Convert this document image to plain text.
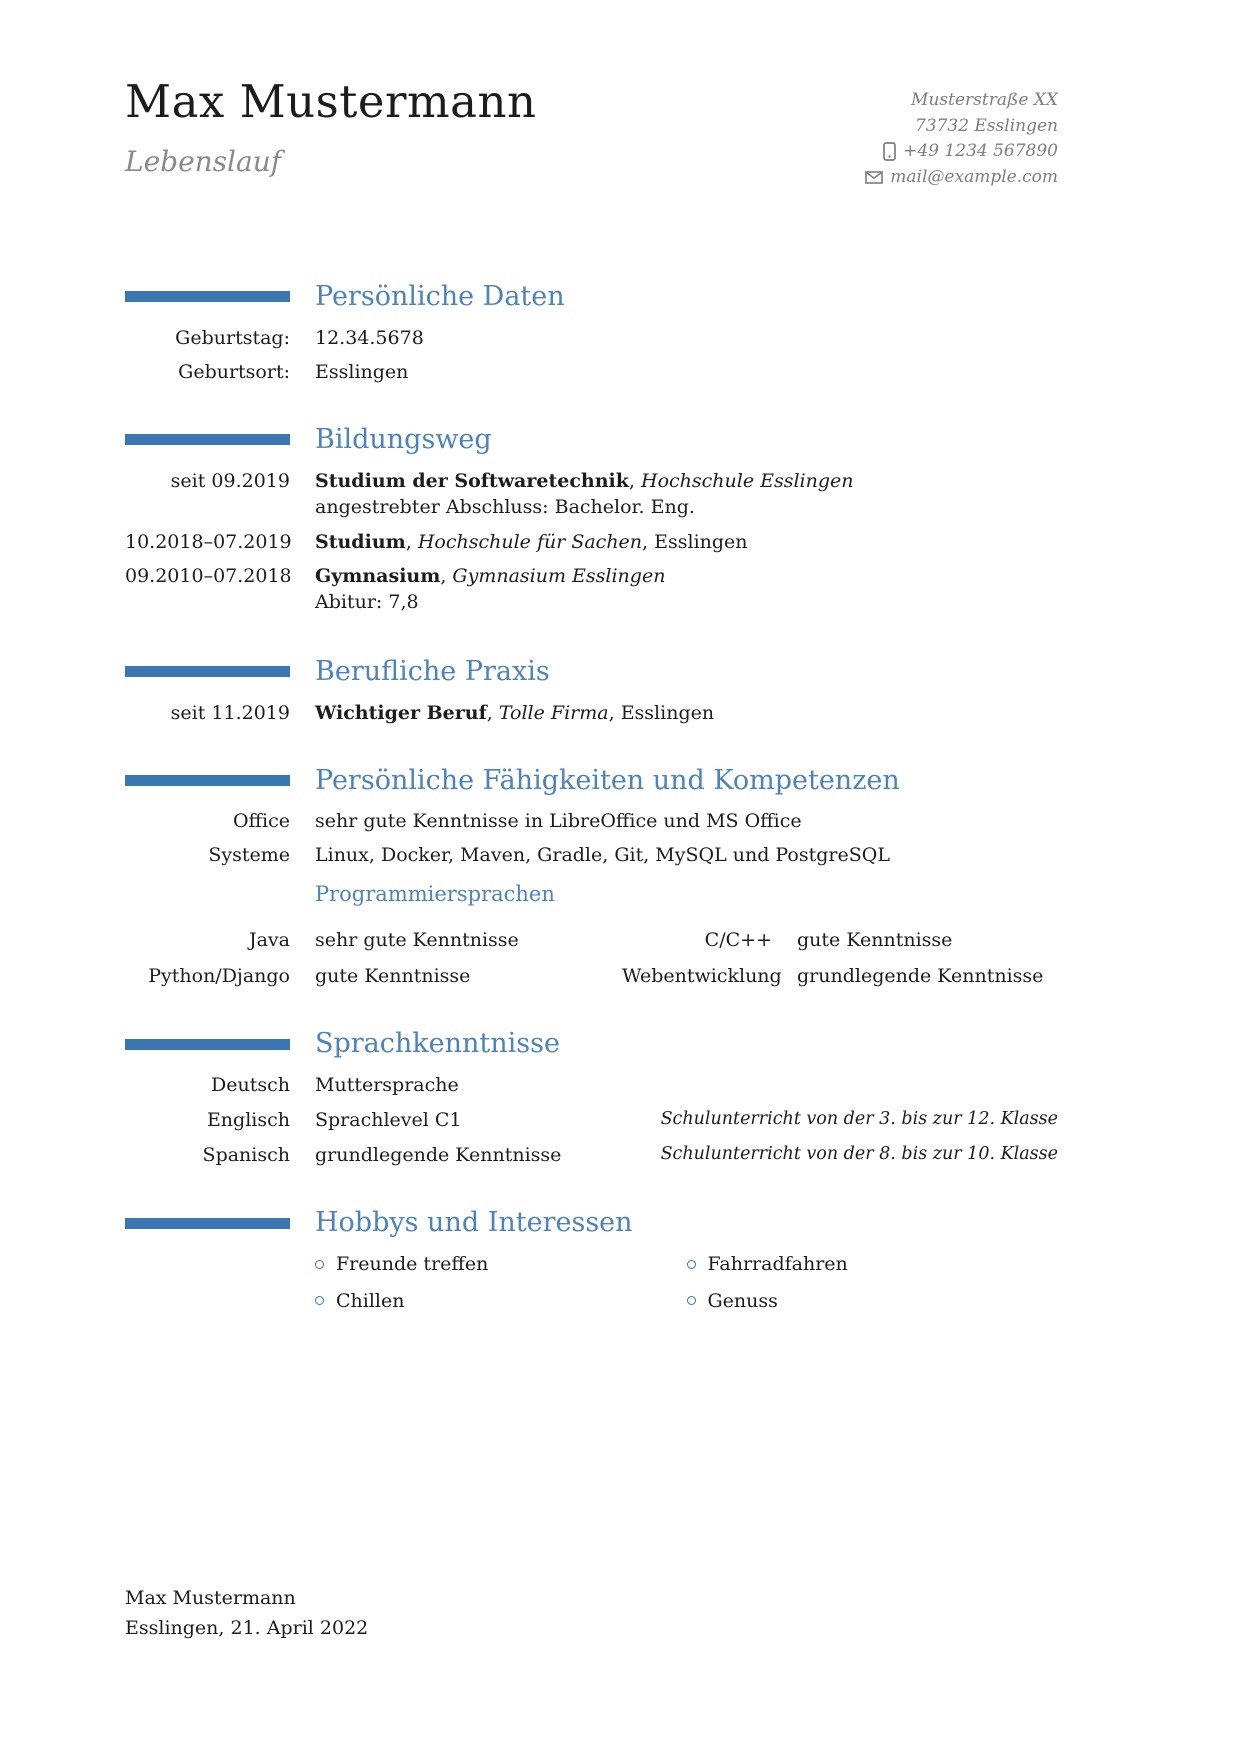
Max Mustermann
Lebenslauf
Musterstraße XX
73732 Esslingen
+49 1234 567890
mail@example.com
Persönliche Daten
Geburtstag: 12.34.5678
Geburtsort: Esslingen
Bildungsweg
seit 09.2019 Studium der Softwaretechnik, Hochschule Esslingen
angestrebter Abschluss: Bachelor. Eng.
10.2018–07.2019 Studium, Hochschule für Sachen, Esslingen
09.2010–07.2018 Gymnasium, Gymnasium Esslingen
Abitur: 7,8
Berufliche Praxis
seit 11.2019 Wichtiger Beruf, Tolle Firma, Esslingen
Persönliche Fähigkeiten und Kompetenzen
Office sehr gute Kenntnisse in LibreOffice und MS Office
Systeme Linux, Docker, Maven, Gradle, Git, MySQL und PostgreSQL
Programmiersprachen
Java sehr gute Kenntnisse	C/C++ gute Kenntnisse
Python/Django gute Kenntnisse	Webentwicklung grundlegende Kenntnisse
Sprachkenntnisse
Deutsch Muttersprache
Englisch Sprachlevel C1	Schulunterricht von der 3. bis zur 12. Klasse
Spanisch grundlegende Kenntnisse	Schulunterricht von der 8. bis zur 10. Klasse
Hobbys und Interessen
Freunde treffen	Fahrradfahren
Chillen	Genuss
Max Mustermann
Esslingen, 21. April 2022
